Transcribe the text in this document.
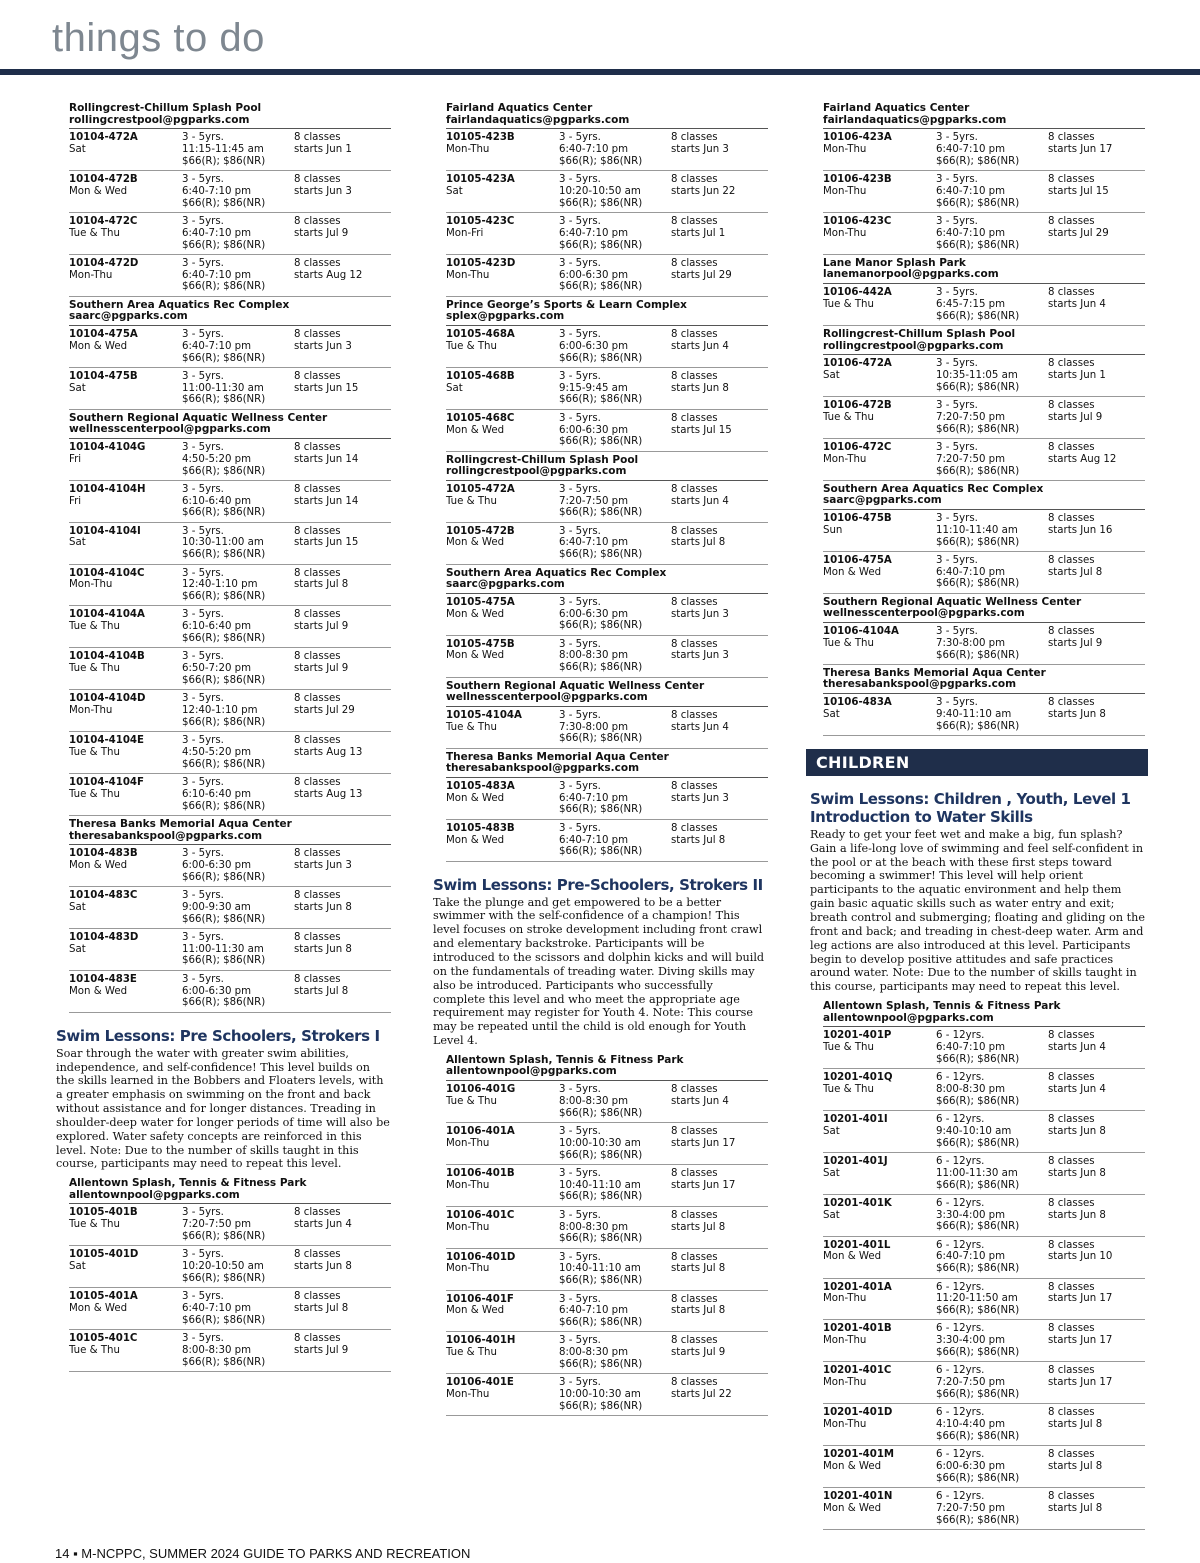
things to do
Rollingcrest-Chillum Splash Pool
rollingcrestpool@pgparks.com
10104-472A
Sat
3 - 5yrs.
11:15-11:45 am
$66(R); $86(NR)
8 classes
starts Jun 1
10104-472B
Mon & Wed
3 - 5yrs.
6:40-7:10 pm
$66(R); $86(NR)
8 classes
starts Jun 3
10104-472C
Tue & Thu
3 - 5yrs.
6:40-7:10 pm
$66(R); $86(NR)
8 classes
starts Jul 9
10104-472D
Mon-Thu
3 - 5yrs.
6:40-7:10 pm
$66(R); $86(NR)
8 classes
starts Aug 12
Southern Area Aquatics Rec Complex
saarc@pgparks.com
10104-475A
Mon & Wed
3 - 5yrs.
6:40-7:10 pm
$66(R); $86(NR)
8 classes
starts Jun 3
10104-475B
Sat
3 - 5yrs.
11:00-11:30 am
$66(R); $86(NR)
8 classes
starts Jun 15
Southern Regional Aquatic Wellness Center
wellnesscenterpool@pgparks.com
10104-4104G
Fri
3 - 5yrs.
4:50-5:20 pm
$66(R); $86(NR)
8 classes
starts Jun 14
10104-4104H
Fri
3 - 5yrs.
6:10-6:40 pm
$66(R); $86(NR)
8 classes
starts Jun 14
10104-4104I
Sat
3 - 5yrs.
10:30-11:00 am
$66(R); $86(NR)
8 classes
starts Jun 15
10104-4104C
Mon-Thu
3 - 5yrs.
12:40-1:10 pm
$66(R); $86(NR)
8 classes
starts Jul 8
10104-4104A
Tue & Thu
3 - 5yrs.
6:10-6:40 pm
$66(R); $86(NR)
8 classes
starts Jul 9
10104-4104B
Tue & Thu
3 - 5yrs.
6:50-7:20 pm
$66(R); $86(NR)
8 classes
starts Jul 9
10104-4104D
Mon-Thu
3 - 5yrs.
12:40-1:10 pm
$66(R); $86(NR)
8 classes
starts Jul 29
10104-4104E
Tue & Thu
3 - 5yrs.
4:50-5:20 pm
$66(R); $86(NR)
8 classes
starts Aug 13
10104-4104F
Tue & Thu
3 - 5yrs.
6:10-6:40 pm
$66(R); $86(NR)
8 classes
starts Aug 13
Theresa Banks Memorial Aqua Center
theresabankspool@pgparks.com
10104-483B
Mon & Wed
3 - 5yrs.
6:00-6:30 pm
$66(R); $86(NR)
8 classes
starts Jun 3
10104-483C
Sat
3 - 5yrs.
9:00-9:30 am
$66(R); $86(NR)
8 classes
starts Jun 8
10104-483D
Sat
3 - 5yrs.
11:00-11:30 am
$66(R); $86(NR)
8 classes
starts Jun 8
10104-483E
Mon & Wed
3 - 5yrs.
6:00-6:30 pm
$66(R); $86(NR)
8 classes
starts Jul 8
Swim Lessons: Pre Schoolers, Strokers I
Soar through the water with greater swim abilities, independence, and self-confidence! This level builds on the skills learned in the Bobbers and Floaters levels, with a greater emphasis on swimming on the front and back without assistance and for longer distances. Treading in shoulder-deep water for longer periods of time will also be explored. Water safety concepts are reinforced in this level. Note: Due to the number of skills taught in this course, participants may need to repeat this level.
Allentown Splash, Tennis & Fitness Park
allentownpool@pgparks.com
10105-401B
Tue & Thu
3 - 5yrs.
7:20-7:50 pm
$66(R); $86(NR)
8 classes
starts Jun 4
10105-401D
Sat
3 - 5yrs.
10:20-10:50 am
$66(R); $86(NR)
8 classes
starts Jun 8
10105-401A
Mon & Wed
3 - 5yrs.
6:40-7:10 pm
$66(R); $86(NR)
8 classes
starts Jul 8
10105-401C
Tue & Thu
3 - 5yrs.
8:00-8:30 pm
$66(R); $86(NR)
8 classes
starts Jul 9
Fairland Aquatics Center fairlandaquatics@pgparks.com
10105-423B
Mon-Thu
3 - 5yrs.
6:40-7:10 pm
$66(R); $86(NR)
8 classes
starts Jun 3
10105-423A
Sat
3 - 5yrs.
10:20-10:50 am
$66(R); $86(NR)
8 classes
starts Jun 22
10105-423C
Mon-Fri
3 - 5yrs.
6:40-7:10 pm
$66(R); $86(NR)
8 classes
starts Jul 1
10105-423D
Mon-Thu
3 - 5yrs.
6:00-6:30 pm
$66(R); $86(NR)
8 classes
starts Jul 29
Prince George’s Sports & Learn Complex
splex@pgparks.com
10105-468A
Tue & Thu
3 - 5yrs.
6:00-6:30 pm
$66(R); $86(NR)
8 classes
starts Jun 4
10105-468B
Sat
3 - 5yrs.
9:15-9:45 am
$66(R); $86(NR)
8 classes
starts Jun 8
10105-468C
Mon & Wed
3 - 5yrs.
6:00-6:30 pm
$66(R); $86(NR)
8 classes
starts Jul 15
Rollingcrest-Chillum Splash Pool
rollingcrestpool@pgparks.com
10105-472A
Tue & Thu
3 - 5yrs.
7:20-7:50 pm
$66(R); $86(NR)
8 classes
starts Jun 4
10105-472B
Mon & Wed
3 - 5yrs.
6:40-7:10 pm
$66(R); $86(NR)
8 classes
starts Jul 8
Southern Area Aquatics Rec Complex
saarc@pgparks.com
10105-475A
Mon & Wed
3 - 5yrs.
6:00-6:30 pm
$66(R); $86(NR)
8 classes
starts Jun 3
10105-475B
Mon & Wed
3 - 5yrs.
8:00-8:30 pm
$66(R); $86(NR)
8 classes
starts Jun 3
Southern Regional Aquatic Wellness Center
wellnesscenterpool@pgparks.com
10105-4104A
Tue & Thu
3 - 5yrs.
7:30-8:00 pm
$66(R); $86(NR)
8 classes
starts Jun 4
Theresa Banks Memorial Aqua Center
theresabankspool@pgparks.com
10105-483A
Mon & Wed
3 - 5yrs.
6:40-7:10 pm
$66(R); $86(NR)
8 classes
starts Jun 3
10105-483B
Mon & Wed
3 - 5yrs.
6:40-7:10 pm
$66(R); $86(NR)
8 classes
starts Jul 8
Swim Lessons: Pre-Schoolers, Strokers II
Take the plunge and get empowered to be a better swimmer with the self-confidence of a champion! This level focuses on stroke development including front crawl and elementary backstroke. Participants will be introduced to the scissors and dolphin kicks and will build on the fundamentals of treading water. Diving skills may also be introduced. Participants who successfully complete this level and who meet the appropriate age requirement may register for Youth 4. Note: This course may be repeated until the child is old enough for Youth Level 4.
Allentown Splash, Tennis & Fitness Park
allentownpool@pgparks.com
10106-401G
Tue & Thu
3 - 5yrs.
8:00-8:30 pm
$66(R); $86(NR)
8 classes
starts Jun 4
10106-401A
Mon-Thu
3 - 5yrs.
10:00-10:30 am
$66(R); $86(NR)
8 classes
starts Jun 17
10106-401B
Mon-Thu
3 - 5yrs.
10:40-11:10 am
$66(R); $86(NR)
8 classes
starts Jun 17
10106-401C
Mon-Thu
3 - 5yrs.
8:00-8:30 pm
$66(R); $86(NR)
8 classes
starts Jul 8
10106-401D
Mon-Thu
3 - 5yrs.
10:40-11:10 am
$66(R); $86(NR)
8 classes
starts Jul 8
10106-401F
Mon & Wed
3 - 5yrs.
6:40-7:10 pm
$66(R); $86(NR)
8 classes
starts Jul 8
10106-401H
Tue & Thu
3 - 5yrs.
8:00-8:30 pm
$66(R); $86(NR)
8 classes
starts Jul 9
10106-401E
Mon-Thu
3 - 5yrs.
10:00-10:30 am
$66(R); $86(NR)
8 classes
starts Jul 22
Fairland Aquatics Center fairlandaquatics@pgparks.com
10106-423A
Mon-Thu
3 - 5yrs.
6:40-7:10 pm
$66(R); $86(NR)
8 classes
starts Jun 17
10106-423B
Mon-Thu
3 - 5yrs.
6:40-7:10 pm
$66(R); $86(NR)
8 classes
starts Jul 15
10106-423C
Mon-Thu
3 - 5yrs.
6:40-7:10 pm
$66(R); $86(NR)
8 classes
starts Jul 29
Lane Manor Splash Park lanemanorpool@pgparks.com
10106-442A
Tue & Thu
3 - 5yrs.
6:45-7:15 pm
$66(R); $86(NR)
8 classes
starts Jun 4
Rollingcrest-Chillum Splash Pool
rollingcrestpool@pgparks.com
10106-472A
Sat
3 - 5yrs.
10:35-11:05 am
$66(R); $86(NR)
8 classes
starts Jun 1
10106-472B
Tue & Thu
3 - 5yrs.
7:20-7:50 pm
$66(R); $86(NR)
8 classes
starts Jul 9
10106-472C
Mon-Thu
3 - 5yrs.
7:20-7:50 pm
$66(R); $86(NR)
8 classes
starts Aug 12
Southern Area Aquatics Rec Complex
saarc@pgparks.com
10106-475B
Sun
3 - 5yrs.
11:10-11:40 am
$66(R); $86(NR)
8 classes
starts Jun 16
10106-475A
Mon & Wed
3 - 5yrs.
6:40-7:10 pm
$66(R); $86(NR)
8 classes
starts Jul 8
Southern Regional Aquatic Wellness Center
wellnesscenterpool@pgparks.com
10106-4104A
Tue & Thu
3 - 5yrs.
7:30-8:00 pm
$66(R); $86(NR)
8 classes
starts Jul 9
Theresa Banks Memorial Aqua Center
theresabankspool@pgparks.com
10106-483A
Sat
3 - 5yrs.
9:40-11:10 am
$66(R); $86(NR)
8 classes
starts Jun 8
CHILDREN
Swim Lessons: Children , Youth, Level 1 Introduction to Water Skills
Ready to get your feet wet and make a big, fun splash? Gain a life-long love of swimming and feel self-confident in the pool or at the beach with these first steps toward becoming a swimmer! This level will help orient participants to the aquatic environment and help them gain basic aquatic skills such as water entry and exit; breath control and submerging; floating and gliding on the front and back; and treading in chest-deep water. Arm and leg actions are also introduced at this level. Participants begin to develop positive attitudes and safe practices around water. Note: Due to the number of skills taught in this course, participants may need to repeat this level.
Allentown Splash, Tennis & Fitness Park
allentownpool@pgparks.com
10201-401P
Tue & Thu
6 - 12yrs.
6:40-7:10 pm
$66(R); $86(NR)
8 classes
starts Jun 4
10201-401Q
Tue & Thu
6 - 12yrs.
8:00-8:30 pm
$66(R); $86(NR)
8 classes
starts Jun 4
10201-401I
Sat
6 - 12yrs.
9:40-10:10 am
$66(R); $86(NR)
8 classes
starts Jun 8
10201-401J
Sat
6 - 12yrs.
11:00-11:30 am
$66(R); $86(NR)
8 classes
starts Jun 8
10201-401K
Sat
6 - 12yrs.
3:30-4:00 pm
$66(R); $86(NR)
8 classes
starts Jun 8
10201-401L
Mon & Wed
6 - 12yrs.
6:40-7:10 pm
$66(R); $86(NR)
8 classes
starts Jun 10
10201-401A
Mon-Thu
6 - 12yrs.
11:20-11:50 am
$66(R); $86(NR)
8 classes
starts Jun 17
10201-401B
Mon-Thu
6 - 12yrs.
3:30-4:00 pm
$66(R); $86(NR)
8 classes
starts Jun 17
10201-401C
Mon-Thu
6 - 12yrs.
7:20-7:50 pm
$66(R); $86(NR)
8 classes
starts Jun 17
10201-401D
Mon-Thu
6 - 12yrs.
4:10-4:40 pm
$66(R); $86(NR)
8 classes
starts Jul 8
10201-401M
Mon & Wed
6 - 12yrs.
6:00-6:30 pm
$66(R); $86(NR)
8 classes
starts Jul 8
10201-401N
Mon & Wed
6 - 12yrs.
7:20-7:50 pm
$66(R); $86(NR)
8 classes
starts Jul 8
14 ▪ M-NCPPC, SUMMER 2024 GUIDE TO PARKS AND RECREATION
